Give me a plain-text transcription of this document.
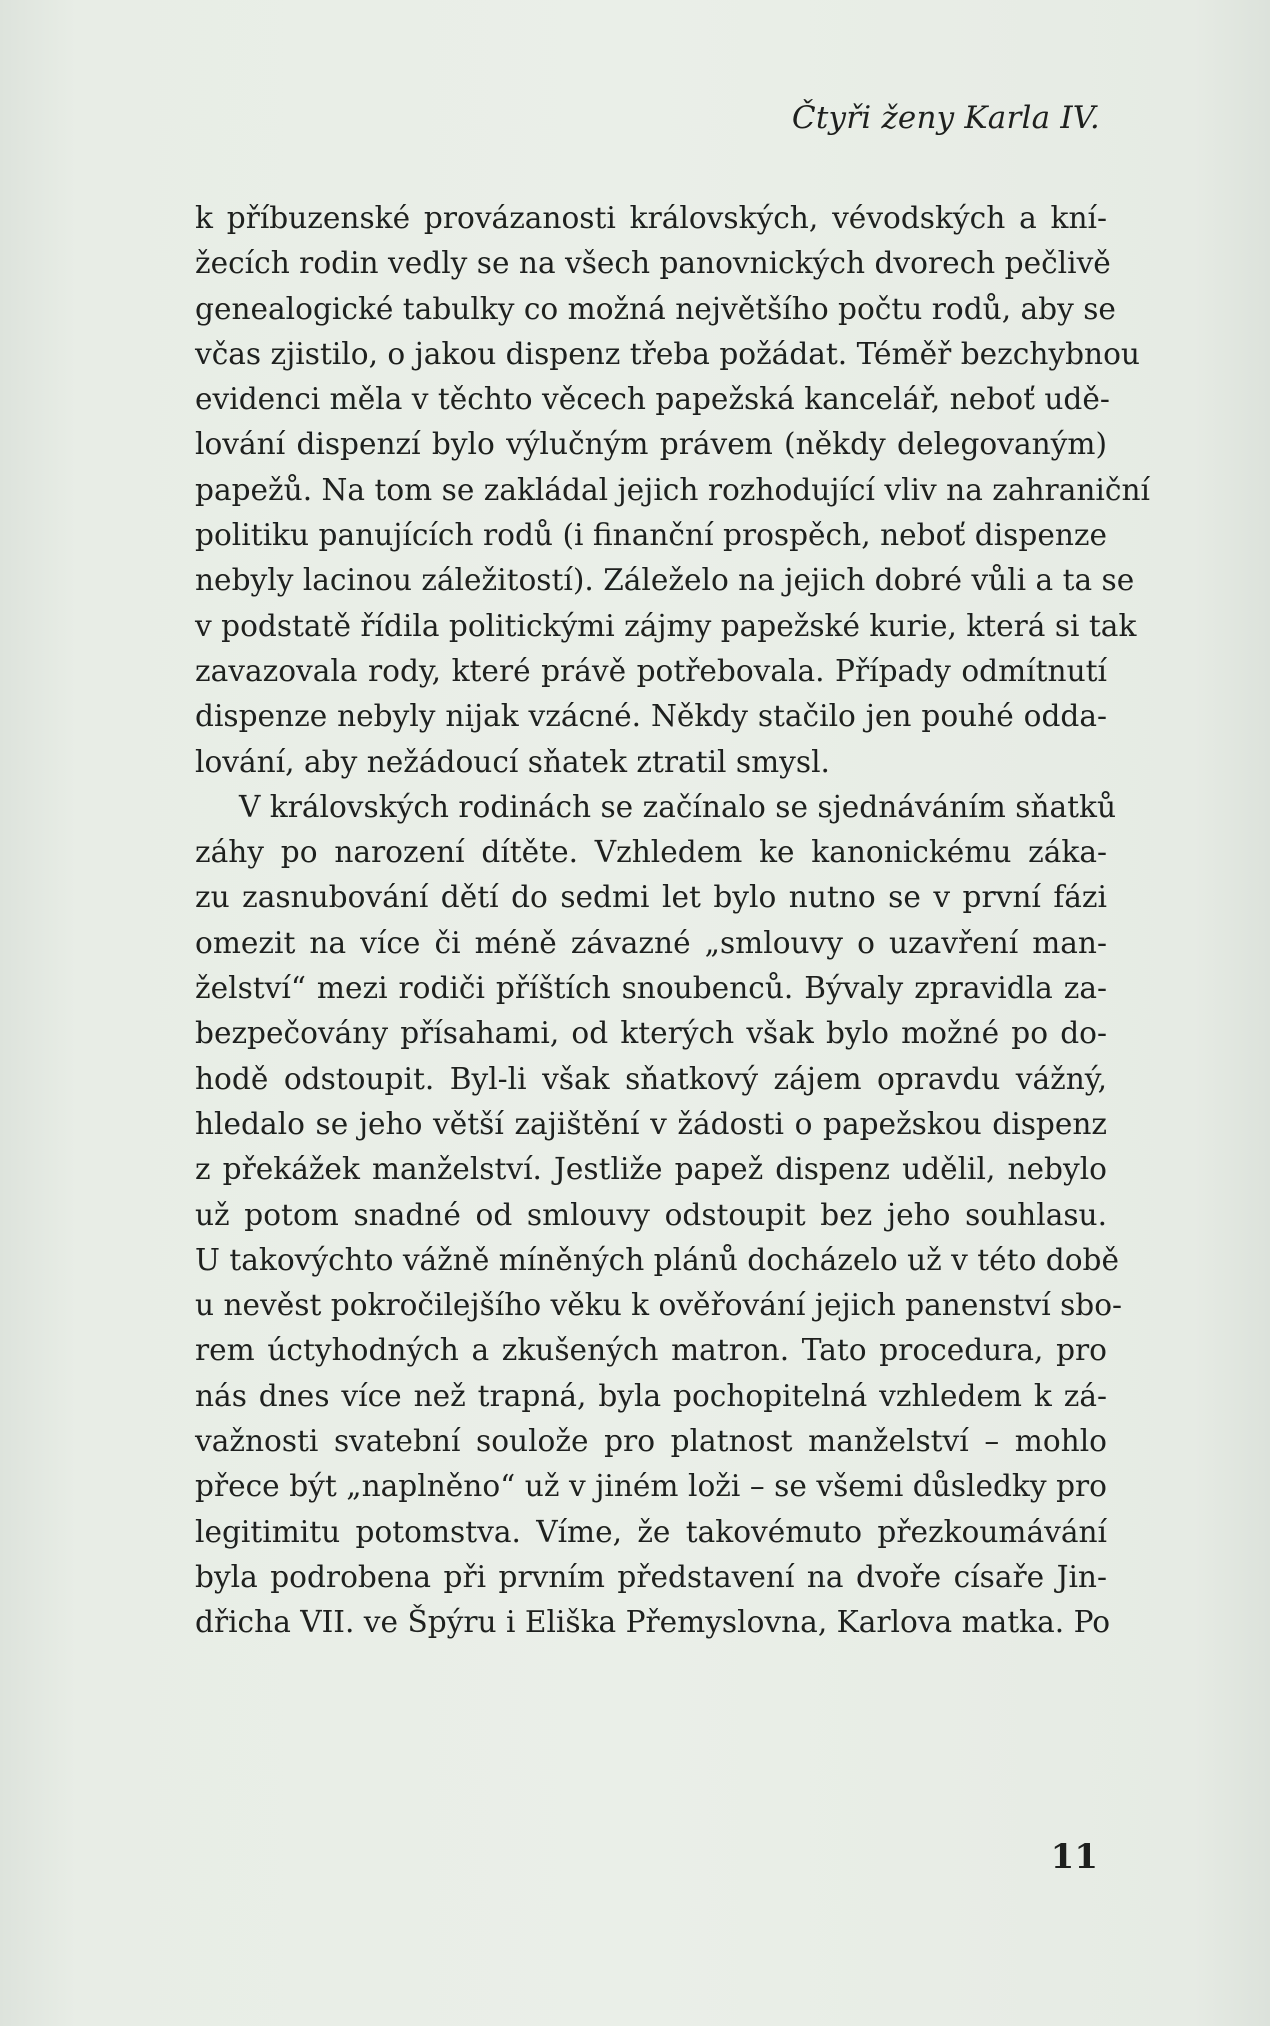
Čtyři ženy Karla IV.

k příbuzenské provázanosti královských, vévodských a kní-
žecích rodin vedly se na všech panovnických dvorech pečlivě
genealogické tabulky co možná největšího počtu rodů, aby se
včas zjistilo, o jakou dispenz třeba požádat. Téměř bezchybnou
evidenci měla v těchto věcech papežská kancelář, neboť udě-
lování dispenzí bylo výlučným právem (někdy delegovaným)
papežů. Na tom se zakládal jejich rozhodující vliv na zahraniční
politiku panujících rodů (i finanční prospěch, neboť dispenze
nebyly lacinou záležitostí). Záleželo na jejich dobré vůli a ta se
v podstatě řídila politickými zájmy papežské kurie, která si tak
zavazovala rody, které právě potřebovala. Případy odmítnutí
dispenze nebyly nijak vzácné. Někdy stačilo jen pouhé odda-
lování, aby nežádoucí sňatek ztratil smysl.

V královských rodinách se začínalo se sjednáváním sňatků
záhy po narození dítěte. Vzhledem ke kanonickému záka-
zu zasnubování dětí do sedmi let bylo nutno se v první fázi
omezit na více či méně závazné „smlouvy o uzavření man-
želství“ mezi rodiči příštích snoubenců. Bývaly zpravidla za-
bezpečovány přísahami, od kterých však bylo možné po do-
hodě odstoupit. Byl-li však sňatkový zájem opravdu vážný,
hledalo se jeho větší zajištění v žádosti o papežskou dispenz
z překážek manželství. Jestliže papež dispenz udělil, nebylo
už potom snadné od smlouvy odstoupit bez jeho souhlasu.
U takovýchto vážně míněných plánů docházelo už v této době
u nevěst pokročilejšího věku k ověřování jejich panenství sbo-
rem úctyhodných a zkušených matron. Tato procedura, pro
nás dnes více než trapná, byla pochopitelná vzhledem k zá-
važnosti svatební soulože pro platnost manželství – mohlo
přece být „naplněno“ už v jiném loži – se všemi důsledky pro
legitimitu potomstva. Víme, že takovémuto přezkoumávání
byla podrobena při prvním představení na dvoře císaře Jin-
dřicha VII. ve Špýru i Eliška Přemyslovna, Karlova matka. Po

11
